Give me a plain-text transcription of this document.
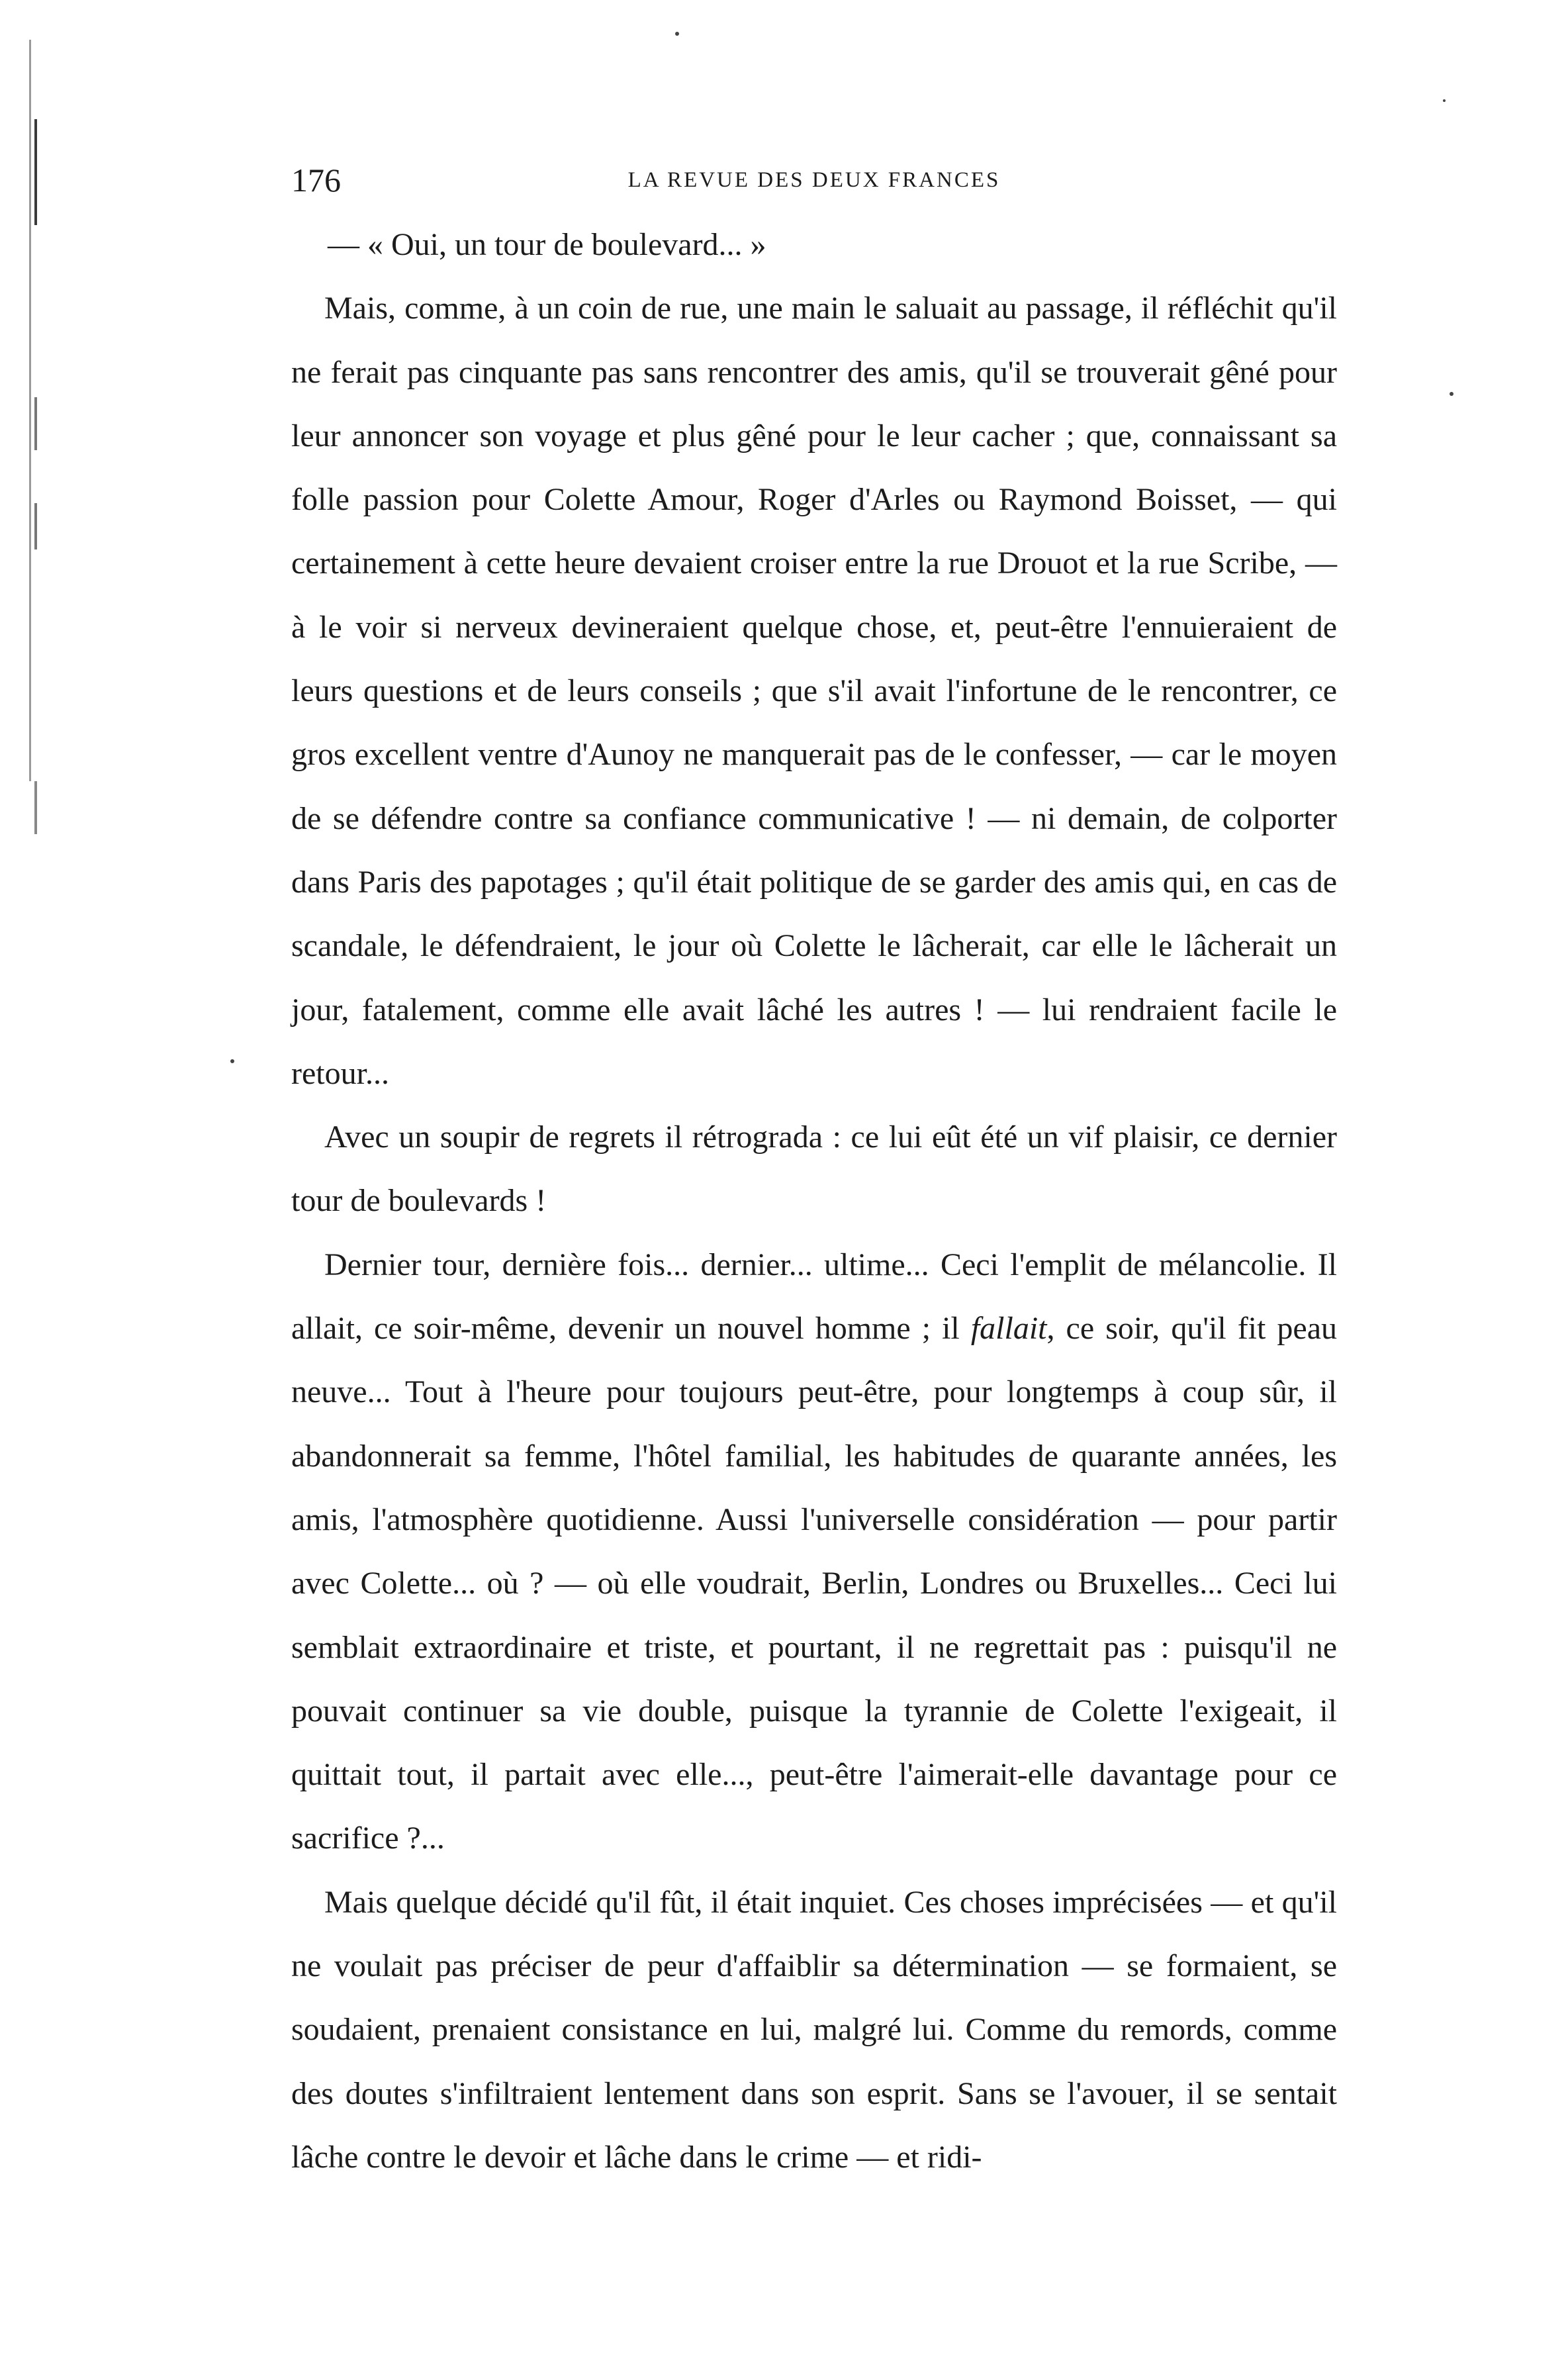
176	LA REVUE DES DEUX FRANCES

— « Oui, un tour de boulevard... »

Mais, comme, à un coin de rue, une main le saluait au passage, il réfléchit qu'il ne ferait pas cinquante pas sans rencontrer des amis, qu'il se trouverait gêné pour leur annoncer son voyage et plus gêné pour le leur cacher ; que, connaissant sa folle passion pour Colette Amour, Roger d'Arles ou Raymond Boisset, — qui certainement à cette heure devaient croiser entre la rue Drouot et la rue Scribe, — à le voir si nerveux devineraient quelque chose, et, peut-être l'ennuieraient de leurs questions et de leurs conseils ; que s'il avait l'infortune de le rencontrer, ce gros excellent ventre d'Aunoy ne manquerait pas de le confesser, — car le moyen de se défendre contre sa confiance communicative ! — ni demain, de colporter dans Paris des papotages ; qu'il était politique de se garder des amis qui, en cas de scandale, le défendraient, le jour où Colette le lâcherait, car elle le lâcherait un jour, fatalement, comme elle avait lâché les autres ! — lui rendraient facile le retour...

Avec un soupir de regrets il rétrograda : ce lui eût été un vif plaisir, ce dernier tour de boulevards !

Dernier tour, dernière fois... dernier... ultime... Ceci l'emplit de mélancolie. Il allait, ce soir-même, devenir un nouvel homme ; il fallait, ce soir, qu'il fit peau neuve... Tout à l'heure pour toujours peut-être, pour longtemps à coup sûr, il abandonnerait sa femme, l'hôtel familial, les habitudes de quarante années, les amis, l'atmosphère quotidienne. Aussi l'universelle considération — pour partir avec Colette... où ? — où elle voudrait, Berlin, Londres ou Bruxelles... Ceci lui semblait extraordinaire et triste, et pourtant, il ne regrettait pas : puisqu'il ne pouvait continuer sa vie double, puisque la tyrannie de Colette l'exigeait, il quittait tout, il partait avec elle..., peut-être l'aimerait-elle davantage pour ce sacrifice ?...

Mais quelque décidé qu'il fût, il était inquiet. Ces choses imprécisées — et qu'il ne voulait pas préciser de peur d'affaiblir sa détermination — se formaient, se soudaient, prenaient consistance en lui, malgré lui. Comme du remords, comme des doutes s'infiltraient lentement dans son esprit. Sans se l'avouer, il se sentait lâche contre le devoir et lâche dans le crime — et ridi-
